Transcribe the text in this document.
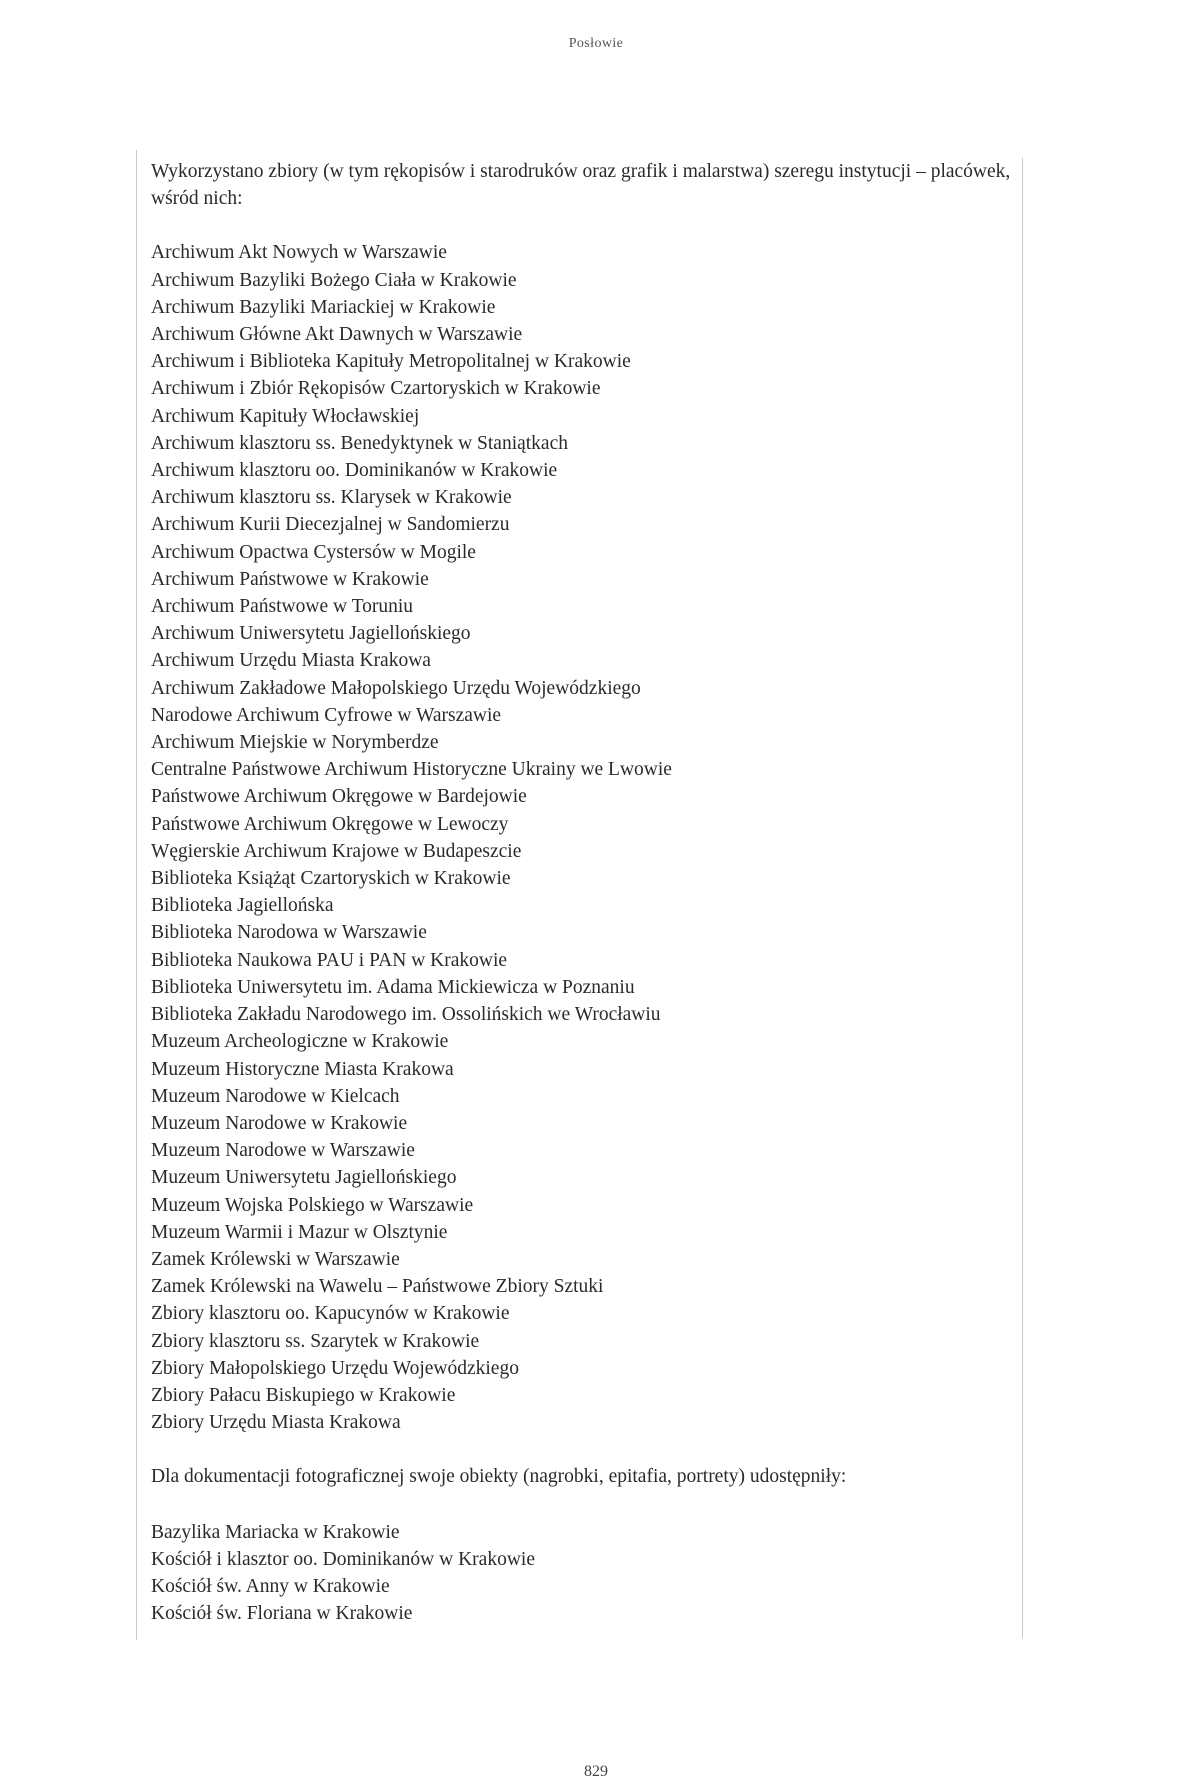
Posłowie

Wykorzystano zbiory (w tym rękopisów i starodruków oraz grafik i malarstwa) szeregu instytucji – placówek, wśród nich:

Archiwum Akt Nowych w Warszawie
Archiwum Bazyliki Bożego Ciała w Krakowie
Archiwum Bazyliki Mariackiej w Krakowie
Archiwum Główne Akt Dawnych w Warszawie
Archiwum i Biblioteka Kapituły Metropolitalnej w Krakowie
Archiwum i Zbiór Rękopisów Czartoryskich w Krakowie
Archiwum Kapituły Włocławskiej
Archiwum klasztoru ss. Benedyktynek w Staniątkach
Archiwum klasztoru oo. Dominikanów w Krakowie
Archiwum klasztoru ss. Klarysek w Krakowie
Archiwum Kurii Diecezjalnej w Sandomierzu
Archiwum Opactwa Cystersów w Mogile
Archiwum Państwowe w Krakowie
Archiwum Państwowe w Toruniu
Archiwum Uniwersytetu Jagiellońskiego
Archiwum Urzędu Miasta Krakowa
Archiwum Zakładowe Małopolskiego Urzędu Wojewódzkiego
Narodowe Archiwum Cyfrowe w Warszawie
Archiwum Miejskie w Norymberdze
Centralne Państwowe Archiwum Historyczne Ukrainy we Lwowie
Państwowe Archiwum Okręgowe w Bardejowie
Państwowe Archiwum Okręgowe w Lewoczy
Węgierskie Archiwum Krajowe w Budapeszcie
Biblioteka Książąt Czartoryskich w Krakowie
Biblioteka Jagiellońska
Biblioteka Narodowa w Warszawie
Biblioteka Naukowa PAU i PAN w Krakowie
Biblioteka Uniwersytetu im. Adama Mickiewicza w Poznaniu
Biblioteka Zakładu Narodowego im. Ossolińskich we Wrocławiu
Muzeum Archeologiczne w Krakowie
Muzeum Historyczne Miasta Krakowa
Muzeum Narodowe w Kielcach
Muzeum Narodowe w Krakowie
Muzeum Narodowe w Warszawie
Muzeum Uniwersytetu Jagiellońskiego
Muzeum Wojska Polskiego w Warszawie
Muzeum Warmii i Mazur w Olsztynie
Zamek Królewski w Warszawie
Zamek Królewski na Wawelu – Państwowe Zbiory Sztuki
Zbiory klasztoru oo. Kapucynów w Krakowie
Zbiory klasztoru ss. Szarytek w Krakowie
Zbiory Małopolskiego Urzędu Wojewódzkiego
Zbiory Pałacu Biskupiego w Krakowie
Zbiory Urzędu Miasta Krakowa

Dla dokumentacji fotograficznej swoje obiekty (nagrobki, epitafia, portrety) udostępniły:

Bazylika Mariacka w Krakowie
Kościół i klasztor oo. Dominikanów w Krakowie
Kościół św. Anny w Krakowie
Kościół św. Floriana w Krakowie
829
